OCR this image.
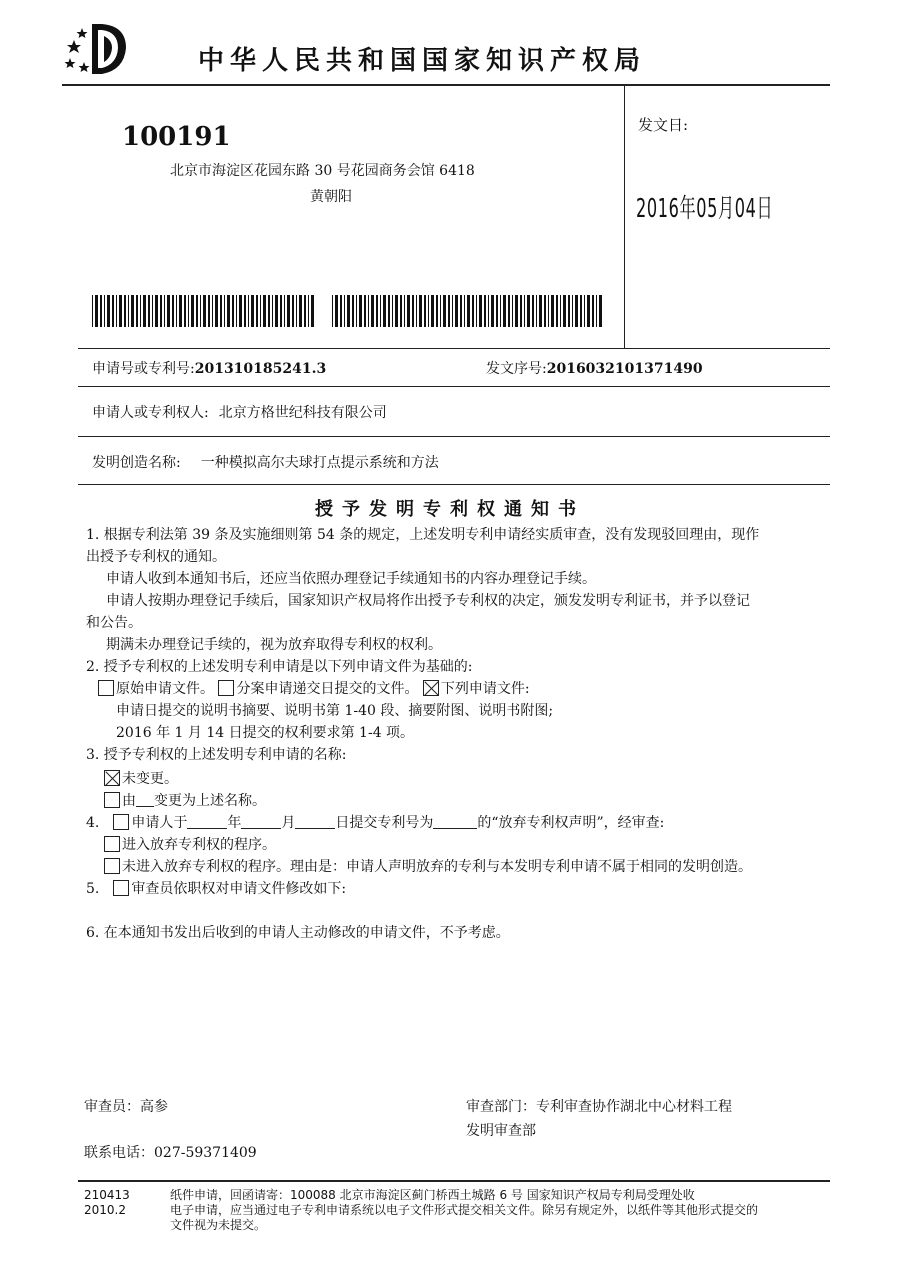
中华人民共和国国家知识产权局
100191
北京市海淀区花园东路 30 号花园商务会馆 6418
黄朝阳
发文日:
2016年05月04日
申请号或专利号:201310185241.3	发文序号:2016032101371490
申请人或专利权人: 北京方格世纪科技有限公司
发明创造名称: 一种模拟高尔夫球打点提示系统和方法
授予发明专利权通知书
1. 根据专利法第 39 条及实施细则第 54 条的规定，上述发明专利申请经实质审查，没有发现驳回理由，现作
出授予专利权的通知。
申请人收到本通知书后，还应当依照办理登记手续通知书的内容办理登记手续。
申请人按期办理登记手续后，国家知识产权局将作出授予专利权的决定，颁发发明专利证书，并予以登记
和公告。
期满未办理登记手续的，视为放弃取得专利权的权利。
2. 授予专利权的上述发明专利申请是以下列申请文件为基础的:
原始申请文件。 分案申请递交日提交的文件。 下列申请文件:
申请日提交的说明书摘要、说明书第 1-40 段、摘要附图、说明书附图;
2016 年 1 月 14 日提交的权利要求第 1-4 项。
3. 授予专利权的上述发明专利申请的名称:
未变更。
由 变更为上述名称。
4. 申请人于	年	月	日提交专利号为	的“放弃专利权声明”，经审查:
进入放弃专利权的程序。
未进入放弃专利权的程序。理由是：申请人声明放弃的专利与本发明专利申请不属于相同的发明创造。
5. 审查员依职权对申请文件修改如下:
6. 在本通知书发出后收到的申请人主动修改的申请文件，不予考虑。
审查员：高参	审查部门：专利审查协作湖北中心材料工程
发明审查部
联系电话：027-59371409
210413
2010.2
纸件申请，回函请寄：100088 北京市海淀区蓟门桥西土城路 6 号 国家知识产权局专利局受理处收
电子申请，应当通过电子专利申请系统以电子文件形式提交相关文件。除另有规定外，以纸件等其他形式提交的
文件视为未提交。
